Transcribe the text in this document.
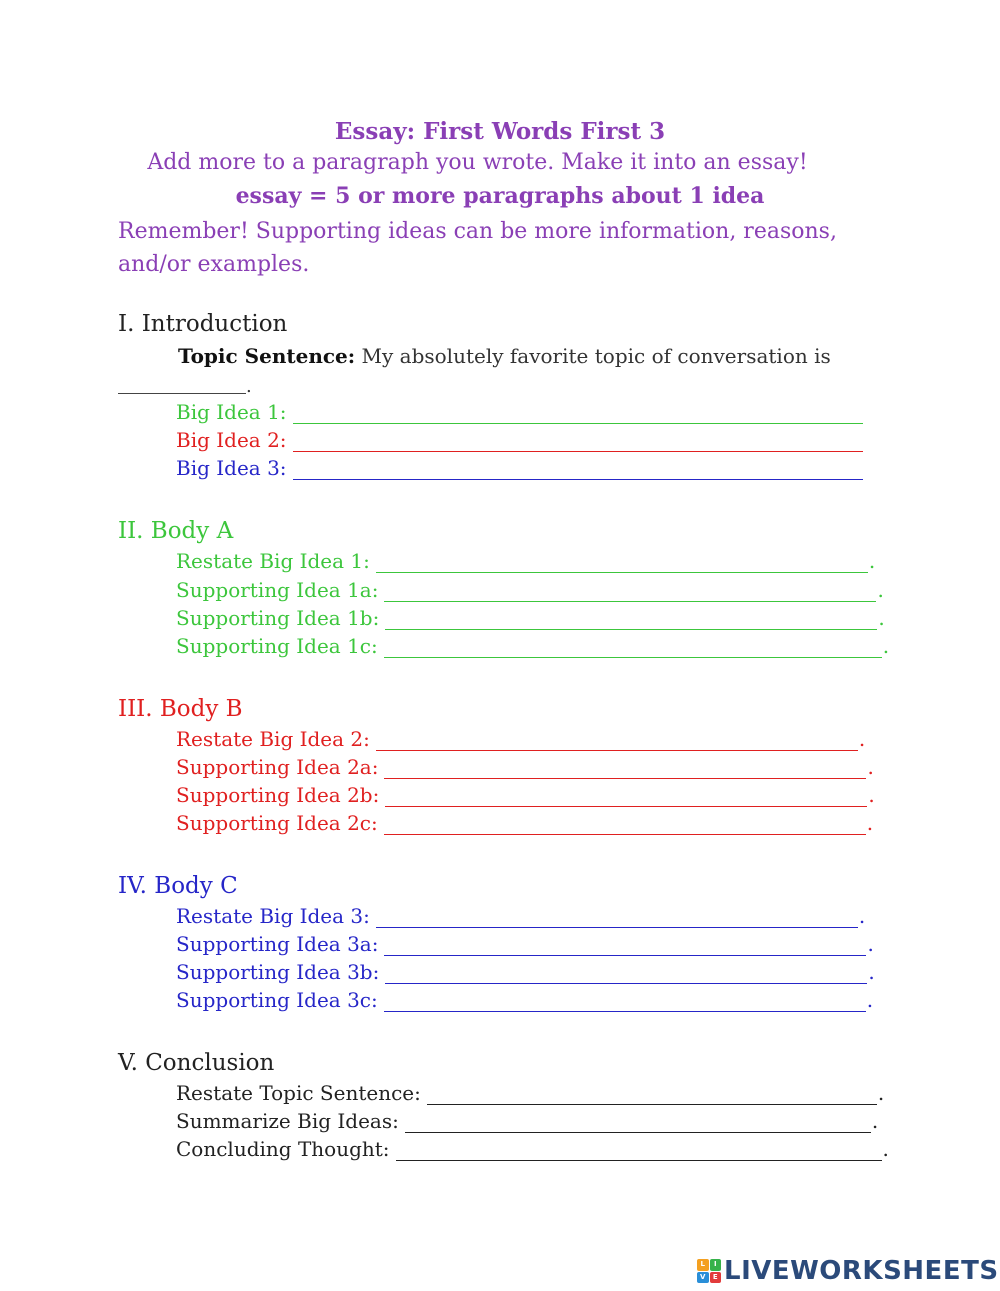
Essay: First Words First 3
Add more to a paragraph you wrote. Make it into an essay!
essay = 5 or more paragraphs about 1 idea
Remember! Supporting ideas can be more information, reasons, and/or examples.
I. Introduction
Topic Sentence: My absolutely favorite topic of conversation is
.
Big Idea 1:
Big Idea 2:
Big Idea 3:
II. Body A
Restate Big Idea 1:	.
Supporting Idea 1a:	.
Supporting Idea 1b:	.
Supporting Idea 1c:	.
III. Body B
Restate Big Idea 2:	.
Supporting Idea 2a:	.
Supporting Idea 2b:	.
Supporting Idea 2c:	.
IV. Body C
Restate Big Idea 3:	.
Supporting Idea 3a:	.
Supporting Idea 3b:	.
Supporting Idea 3c:	.
V. Conclusion
Restate Topic Sentence:	.
Summarize Big Ideas:	.
Concluding Thought:	.
L	I
V	E LIVEWORKSHEETS
